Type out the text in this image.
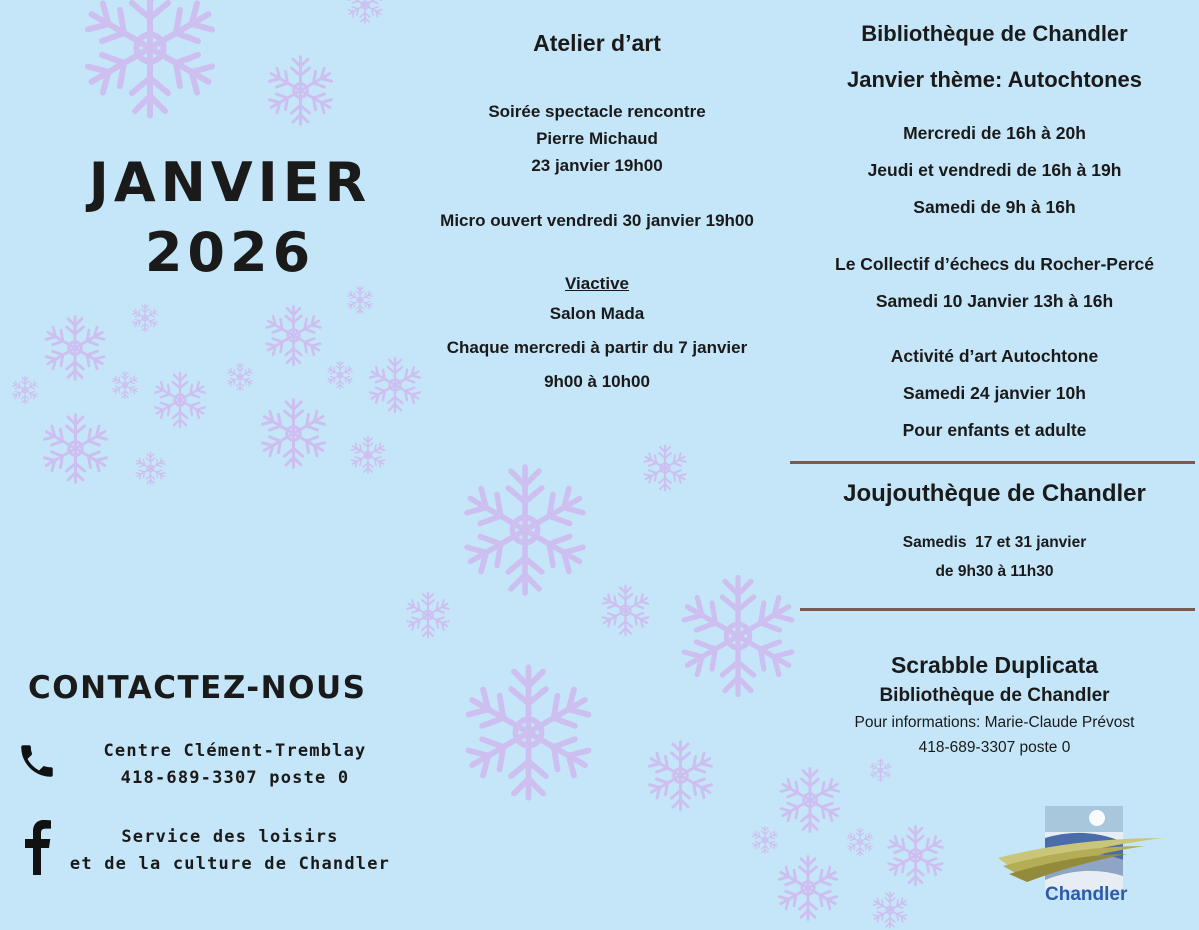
JANVIER
2026
CONTACTEZ-NOUS
Centre Clément-Tremblay
418-689-3307 poste 0
Service des loisirs
et de la culture de Chandler
Atelier d’art
Soirée spectacle rencontre
Pierre Michaud
23 janvier 19h00
Micro ouvert vendredi 30 janvier 19h00
Viactive
Salon Mada
Chaque mercredi à partir du 7 janvier
9h00 à 10h00
Bibliothèque de Chandler
Janvier thème: Autochtones
Mercredi de 16h à 20h
Jeudi et vendredi de 16h à 19h
Samedi de 9h à 16h
Le Collectif d’échecs du Rocher-Percé
Samedi 10 Janvier 13h à 16h
Activité d’art Autochtone
Samedi 24 janvier 10h
Pour enfants et adulte
Joujouthèque de Chandler
Samedis  17 et 31 janvier
de 9h30 à 11h30
Scrabble Duplicata
Bibliothèque de Chandler
Pour informations: Marie-Claude Prévost
418-689-3307 poste 0
Chandler
